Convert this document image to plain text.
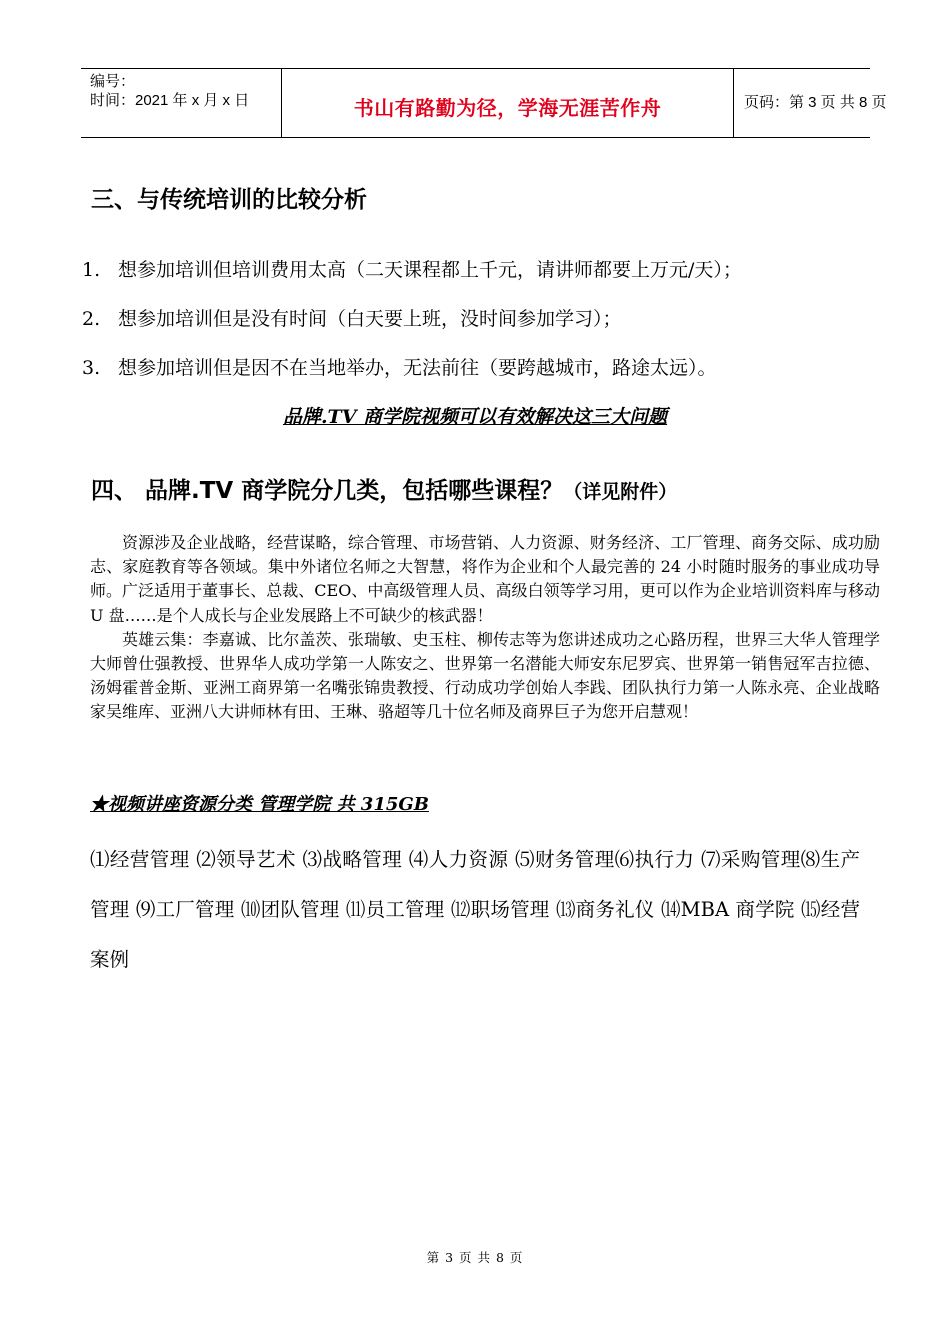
编号：
时间：2021 年 x 月 x 日	书山有路勤为径，学海无涯苦作舟	页码：第 3 页 共 8 页
三、与传统培训的比较分析
1. 想参加培训但培训费用太高（二天课程都上千元，请讲师都要上万元/天）；
2. 想参加培训但是没有时间（白天要上班，没时间参加学习）；
3. 想参加培训但是因不在当地举办，无法前往（要跨越城市，路途太远）。
品牌.TV 商学院视频可以有效解决这三大问题
四、 品牌.TV 商学院分几类，包括哪些课程？（详见附件）

资源涉及企业战略，经营谋略，综合管理、市场营销、人力资源、财务经济、工厂管理、商务交际、成功励志、家庭教育等各领域。集中外诸位名师之大智慧，将作为企业和个人最完善的 24 小时随时服务的事业成功导师。广泛适用于董事长、总裁、CEO、中高级管理人员、高级白领等学习用，更可以作为企业培训资料库与移动 U 盘……是个人成长与企业发展路上不可缺少的核武器！

英雄云集：李嘉诚、比尔盖茨、张瑞敏、史玉柱、柳传志等为您讲述成功之心路历程，世界三大华人管理学大师曾仕强教授、世界华人成功学第一人陈安之、世界第一名潜能大师安东尼罗宾、世界第一销售冠军吉拉德、汤姆霍普金斯、亚洲工商界第一名嘴张锦贵教授、行动成功学创始人李践、团队执行力第一人陈永亮、企业战略家吴维库、亚洲八大讲师林有田、王琳、骆超等几十位名师及商界巨子为您开启慧观！

★视频讲座资源分类 管理学院 共 315GB
⑴经营管理 ⑵领导艺术 ⑶战略管理 ⑷人力资源 ⑸财务管理⑹执行力 ⑺采购管理⑻生产管理 ⑼工厂管理 ⑽团队管理 ⑾员工管理 ⑿职场管理 ⒀商务礼仪 ⒁MBA 商学院 ⒂经营案例
第 3 页 共 8 页
